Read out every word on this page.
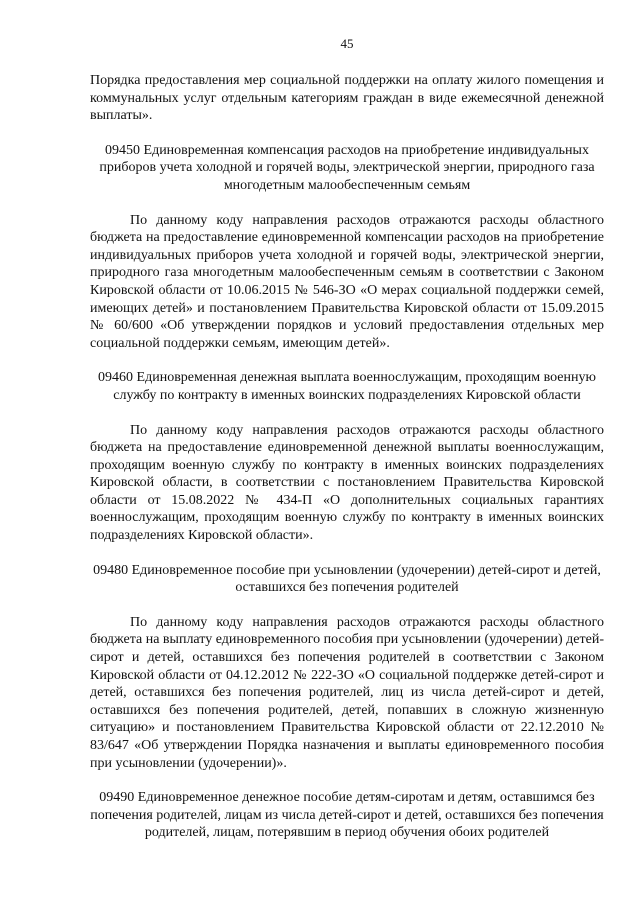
45

Порядка предоставления мер социальной поддержки на оплату жилого помещения и коммунальных услуг отдельным категориям граждан в виде ежемесячной денежной выплаты».

09450 Единовременная компенсация расходов на приобретение индивидуальных приборов учета холодной и горячей воды, электрической энергии, природного газа многодетным малообеспеченным семьям

По данному коду направления расходов отражаются расходы областного бюджета на предоставление единовременной компенсации расходов на приобретение индивидуальных приборов учета холодной и горячей воды, электрической энергии, природного газа многодетным малообеспеченным семьям в соответствии с Законом Кировской области от 10.06.2015 № 546-ЗО «О мерах социальной поддержки семей, имеющих детей» и постановлением Правительства Кировской области от 15.09.2015 № 60/600 «Об утверждении порядков и условий предоставления отдельных мер социальной поддержки семьям, имеющим детей».

09460 Единовременная денежная выплата военнослужащим, проходящим военную службу по контракту в именных воинских подразделениях Кировской области

По данному коду направления расходов отражаются расходы областного бюджета на предоставление единовременной денежной выплаты военнослужащим, проходящим военную службу по контракту в именных воинских подразделениях Кировской области, в соответствии с постановлением Правительства Кировской области от 15.08.2022 № 434-П «О дополнительных социальных гарантиях военнослужащим, проходящим военную службу по контракту в именных воинских подразделениях Кировской области».

09480 Единовременное пособие при усыновлении (удочерении) детей-сирот и детей, оставшихся без попечения родителей

По данному коду направления расходов отражаются расходы областного бюджета на выплату единовременного пособия при усыновлении (удочерении) детей-сирот и детей, оставшихся без попечения родителей в соответствии с Законом Кировской области от 04.12.2012 № 222-ЗО «О социальной поддержке детей-сирот и детей, оставшихся без попечения родителей, лиц из числа детей-сирот и детей, оставшихся без попечения родителей, детей, попавших в сложную жизненную ситуацию» и постановлением Правительства Кировской области от 22.12.2010 № 83/647 «Об утверждении Порядка назначения и выплаты единовременного пособия при усыновлении (удочерении)».

09490 Единовременное денежное пособие детям-сиротам и детям, оставшимся без попечения родителей, лицам из числа детей-сирот и детей, оставшихся без попечения родителей, лицам, потерявшим в период обучения обоих родителей
